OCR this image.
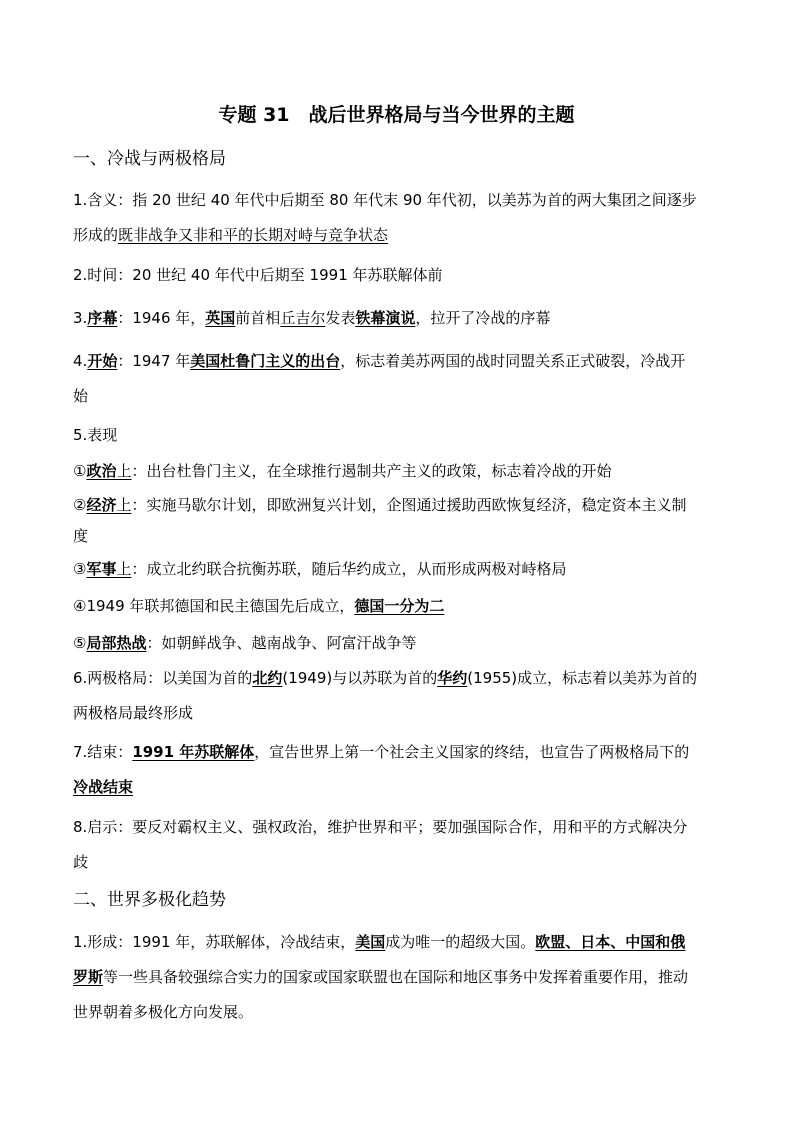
专题 31　战后世界格局与当今世界的主题
一、冷战与两极格局
1.含义：指 20 世纪 40 年代中后期至 80 年代末 90 年代初，以美苏为首的两大集团之间逐步
形成的既非战争又非和平的长期对峙与竞争状态
2.时间：20 世纪 40 年代中后期至 1991 年苏联解体前
3.序幕：1946 年，英国前首相丘吉尔发表铁幕演说，拉开了冷战的序幕
4.开始：1947 年美国杜鲁门主义的出台，标志着美苏两国的战时同盟关系正式破裂，冷战开
始
5.表现
①政治上：出台杜鲁门主义，在全球推行遏制共产主义的政策，标志着冷战的开始
②经济上：实施马歇尔计划，即欧洲复兴计划，企图通过援助西欧恢复经济，稳定资本主义制
度
③军事上：成立北约联合抗衡苏联，随后华约成立，从而形成两极对峙格局
④1949 年联邦德国和民主德国先后成立，德国一分为二
⑤局部热战：如朝鲜战争、越南战争、阿富汗战争等
6.两极格局：以美国为首的北约(1949)与以苏联为首的华约(1955)成立，标志着以美苏为首的
两极格局最终形成
7.结束：1991 年苏联解体，宣告世界上第一个社会主义国家的终结，也宣告了两极格局下的
冷战结束
8.启示：要反对霸权主义、强权政治，维护世界和平；要加强国际合作，用和平的方式解决分
歧
二、世界多极化趋势
1.形成：1991 年，苏联解体，冷战结束，美国成为唯一的超级大国。欧盟、日本、中国和俄
罗斯等一些具备较强综合实力的国家或国家联盟也在国际和地区事务中发挥着重要作用，推动
世界朝着多极化方向发展。
